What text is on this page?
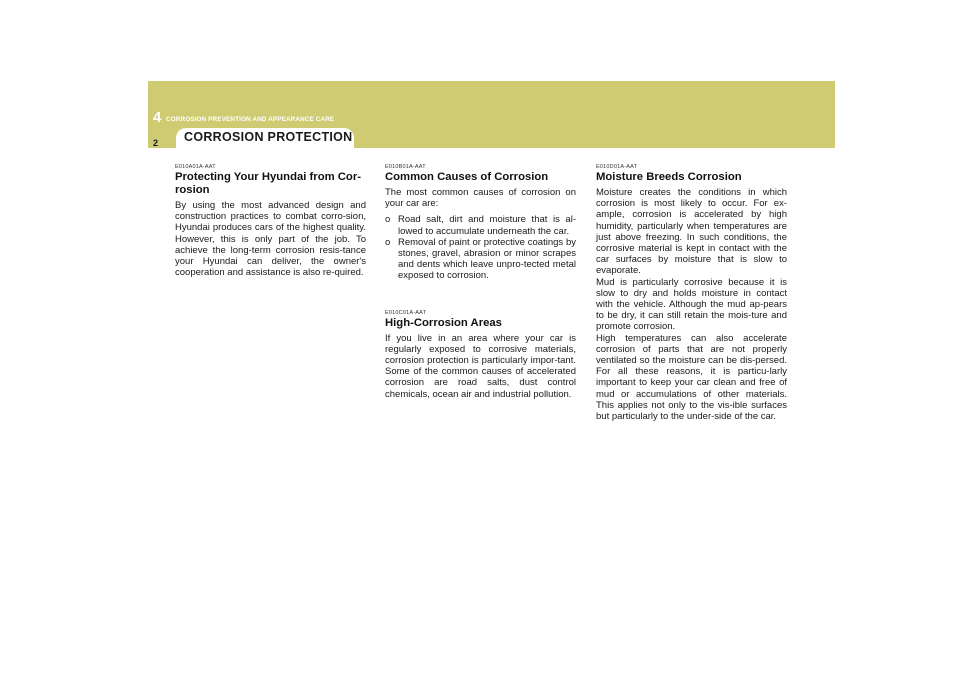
4 CORROSION PREVENTION AND APPEARANCE CARE
2 CORROSION PROTECTION
E010A01A-AAT
Protecting Your Hyundai from Cor-rosion
By using the most advanced design and construction practices to combat corro-sion, Hyundai produces cars of the highest quality. However, this is only part of the job. To achieve the long-term corrosion resis-tance your Hyundai can deliver, the owner's cooperation and assistance is also re-quired.
E010B01A-AAT
Common Causes of Corrosion
The most common causes of corrosion on your car are:
o Road salt, dirt and moisture that is al-lowed to accumulate underneath the car.
o Removal of paint or protective coatings by stones, gravel, abrasion or minor scrapes and dents which leave unpro-tected metal exposed to corrosion.
E010C01A-AAT
High-Corrosion Areas
If you live in an area where your car is regularly exposed to corrosive materials, corrosion protection is particularly impor-tant. Some of the common causes of accelerated corrosion are road salts, dust control chemicals, ocean air and industrial pollution.
E010D01A-AAT
Moisture Breeds Corrosion

Moisture creates the conditions in which corrosion is most likely to occur. For ex-ample, corrosion is accelerated by high humidity, particularly when temperatures are just above freezing. In such conditions, the corrosive material is kept in contact with the car surfaces by moisture that is slow to evaporate.

Mud is particularly corrosive because it is slow to dry and holds moisture in contact with the vehicle. Although the mud ap-pears to be dry, it can still retain the mois-ture and promote corrosion.

High temperatures can also accelerate corrosion of parts that are not properly ventilated so the moisture can be dis-persed. For all these reasons, it is particu-larly important to keep your car clean and free of mud or accumulations of other materials. This applies not only to the vis-ible surfaces but particularly to the under-side of the car.
